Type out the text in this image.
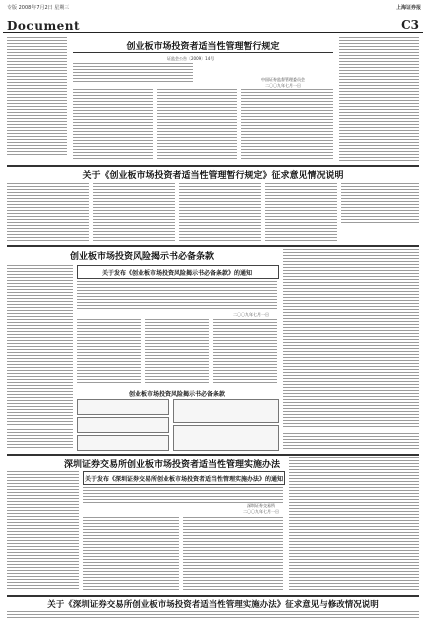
专版 2008年7月2日 星期三	上海证券报
Document	C3
创业板市场投资者适当性管理暂行规定
证监会公告〔2009〕14号
中国证券监督管理委员会
二〇〇九年七月一日
关于《创业板市场投资者适当性管理暂行规定》征求意见情况说明
创业板市场投资风险揭示书必备条款
关于发布《创业板市场投资风险揭示书必备条款》的通知
二〇〇九年七月一日
创业板市场投资风险揭示书必备条款
深圳证券交易所创业板市场投资者适当性管理实施办法
关于发布《深圳证券交易所创业板市场投资者适当性管理实施办法》的通知
深圳证券交易所
二〇〇九年七月一日
关于《深圳证券交易所创业板市场投资者适当性管理实施办法》征求意见与修改情况说明
